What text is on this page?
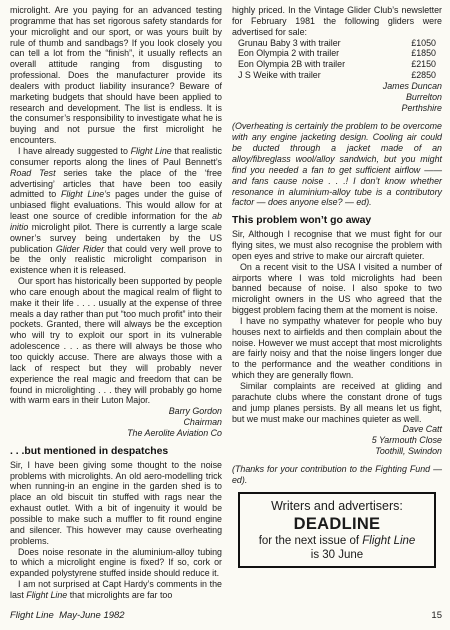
microlight. Are you paying for an advanced testing programme that has set rigorous safety standards for your microlight and our sport, or was yours built by rule of thumb and sandbags? If you look closely you can tell a lot from the “finish”, it usually reflects an overall attitude ranging from disgusting to professional. Does the manufacturer provide its dealers with product liability insurance? Beware of marketing budgets that should have been applied to research and development. The list is endless. It is the consumer’s responsibility to investigate what he is buying and not pursue the first microlight he encounters.

I have already suggested to Flight Line that realistic consumer reports along the lines of Paul Bennett’s Road Test series take the place of the ‘free advertising’ articles that have been too easily admitted to Flight Line’s pages under the guise of unbiased flight evaluations. This would allow for at least one source of credible information for the ab initio microlight pilot. There is currently a large scale owner’s survey being undertaken by the US publication Glider Rider that could very well prove to be the only realistic microlight comparison in existence when it is released.

Our sport has historically been supported by people who care enough about the magical realm of flight to make it their life . . . . usually at the expense of three meals a day rather than put “too much profit” into their pockets. Granted, there will always be the exception who will try to exploit our sport in its vulnerable adolescence . . . as there will always be those who too quickly accuse. There are always those with a lack of respect but they will probably never experience the real magic and freedom that can be found in microlighting . . . they will probably go home with warm ears in their Luton Major.

Barry Gordon
Chairman
The Aerolite Aviation Co
. . .but mentioned in despatches

Sir, I have been giving some thought to the noise problems with microlights. An old aero-modelling trick when running-in an engine in the garden shed is to place an old biscuit tin stuffed with rags near the exhaust outlet. With a bit of ingenuity it would be possible to make such a muffler to fit round engine and silencer. This however may cause overheating problems.

Does noise resonate in the aluminium-alloy tubing to which a microlight engine is fixed? If so, cork or expanded polystyrene stuffed inside should reduce it.

I am not surprised at Capt Hardy’s comments in the last Flight Line that microlights are far too

highly priced. In the Vintage Glider Club’s newsletter for February 1981 the following gliders were advertised for sale:

Grunau Baby 3 with trailer	£1050
Eon Olympia 2 with trailer	£1850
Eon Olympia 2B with trailer	£2150
J S Weike with trailer	£2850
James Duncan
Burrelton
Perthshire

(Overheating is certainly the problem to be overcome with any engine jacketing design. Cooling air could be ducted through a jacket made of an alloy/fibreglass wool/alloy sandwich, but you might find you needed a fan to get sufficient airflow —— and fans cause noise . . .! I don’t know whether resonance in aluminium-alloy tube is a contributory factor — does anyone else? — ed).

This problem won’t go away

Sir, Although I recognise that we must fight for our flying sites, we must also recognise the problem with open eyes and strive to make our aircraft quieter.

On a recent visit to the USA I visited a number of airports where I was told microlights had been banned because of noise. I also spoke to two microlight owners in the US who agreed that the biggest problem facing them at the moment is noise.

I have no sympathy whatever for people who buy houses next to airfields and then complain about the noise. However we must accept that most microlights are fairly noisy and that the noise lingers longer due to the performance and the weather conditions in which they are generally flown.

Similar complaints are received at gliding and parachute clubs where the constant drone of tugs and jump planes persists. By all means let us fight, but we must make our machines quieter as well.

Dave Catt
5 Yarmouth Close
Toothill, Swindon

(Thanks for your contribution to the Fighting Fund — ed).

Writers and advertisers:
DEADLINE
for the next issue of Flight Line
is 30 June
Flight Line  May-June 1982	15
